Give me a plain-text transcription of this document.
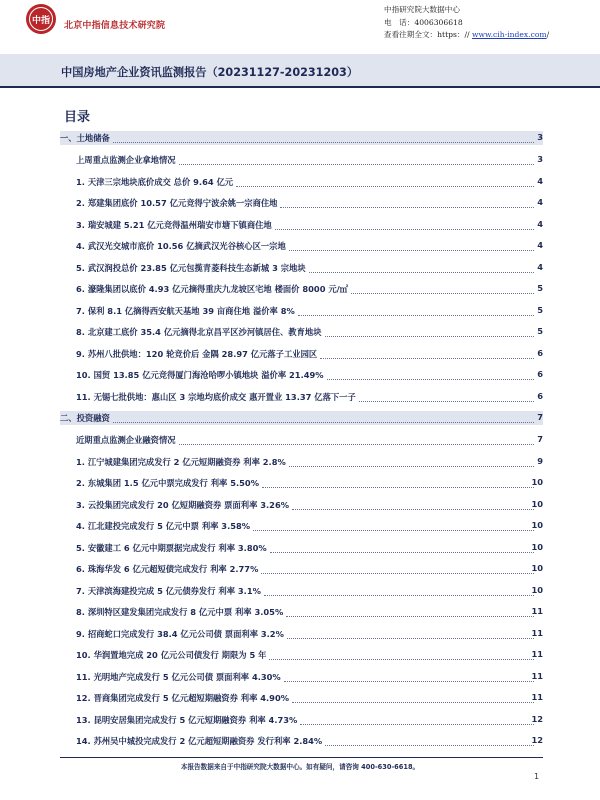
中指 北京中指信息技术研究院
中指研究院大数据中心
电　话：4006306618
查看往期全文：https：// www.cih-index.com/
中国房地产企业资讯监测报告（20231127-20231203）
目录
一、土地储备	3
上周重点监测企业拿地情况	3
1. 天津三宗地块底价成交 总价 9.64 亿元	4
2. 郑建集团底价 10.57 亿元竞得宁波余姚一宗商住地	4
3. 瑞安城建 5.21 亿元竞得温州瑞安市塘下镇商住地	4
4. 武汉光交城市底价 10.56 亿摘武汉光谷核心区一宗地	4
5. 武汉润投总价 23.85 亿元包揽青菱科技生态新城 3 宗地块	4
6. 濠隆集团以底价 4.93 亿元摘得重庆九龙坡区宅地 楼面价 8000 元/㎡	5
7. 保利 8.1 亿摘得西安航天基地 39 亩商住地 溢价率 8%	5
8. 北京建工底价 35.4 亿元摘得北京昌平区沙河镇居住、教育地块	5
9. 苏州八批供地：120 轮竞价后 金隅 28.97 亿元落子工业园区	6
10. 国贸 13.85 亿元竞得厦门海沧哈啰小镇地块 溢价率 21.49%	6
11. 无锡七批供地：惠山区 3 宗地均底价成交 惠开置业 13.37 亿落下一子	6
二、投资融资	7
近期重点监测企业融资情况	7
1. 江宁城建集团完成发行 2 亿元短期融资券 利率 2.8%	9
2. 东城集团 1.5 亿元中票完成发行 利率 5.50%	10
3. 云投集团完成发行 20 亿短期融资券 票面利率 3.26%	10
4. 江北建投完成发行 5 亿元中票 利率 3.58%	10
5. 安徽建工 6 亿元中期票据完成发行 利率 3.80%	10
6. 珠海华发 6 亿元超短债完成发行 利率 2.77%	10
7. 天津滨海建投完成 5 亿元债券发行 利率 3.1%	10
8. 深圳特区建发集团完成发行 8 亿元中票 利率 3.05%	11
9. 招商蛇口完成发行 38.4 亿元公司债 票面利率 3.2%	11
10. 华润置地完成 20 亿元公司债发行 期限为 5 年	11
11. 光明地产完成发行 5 亿元公司债 票面利率 4.30%	11
12. 晋商集团完成发行 5 亿元超短期融资券 利率 4.90%	11
13. 昆明安居集团完成发行 5 亿元短期融资券 利率 4.73%	12
14. 苏州吴中城投完成发行 2 亿元超短期融资券 发行利率 2.84%	12
本报告数据来自于中指研究院大数据中心。如有疑问，请咨询 400-630-6618。
1
